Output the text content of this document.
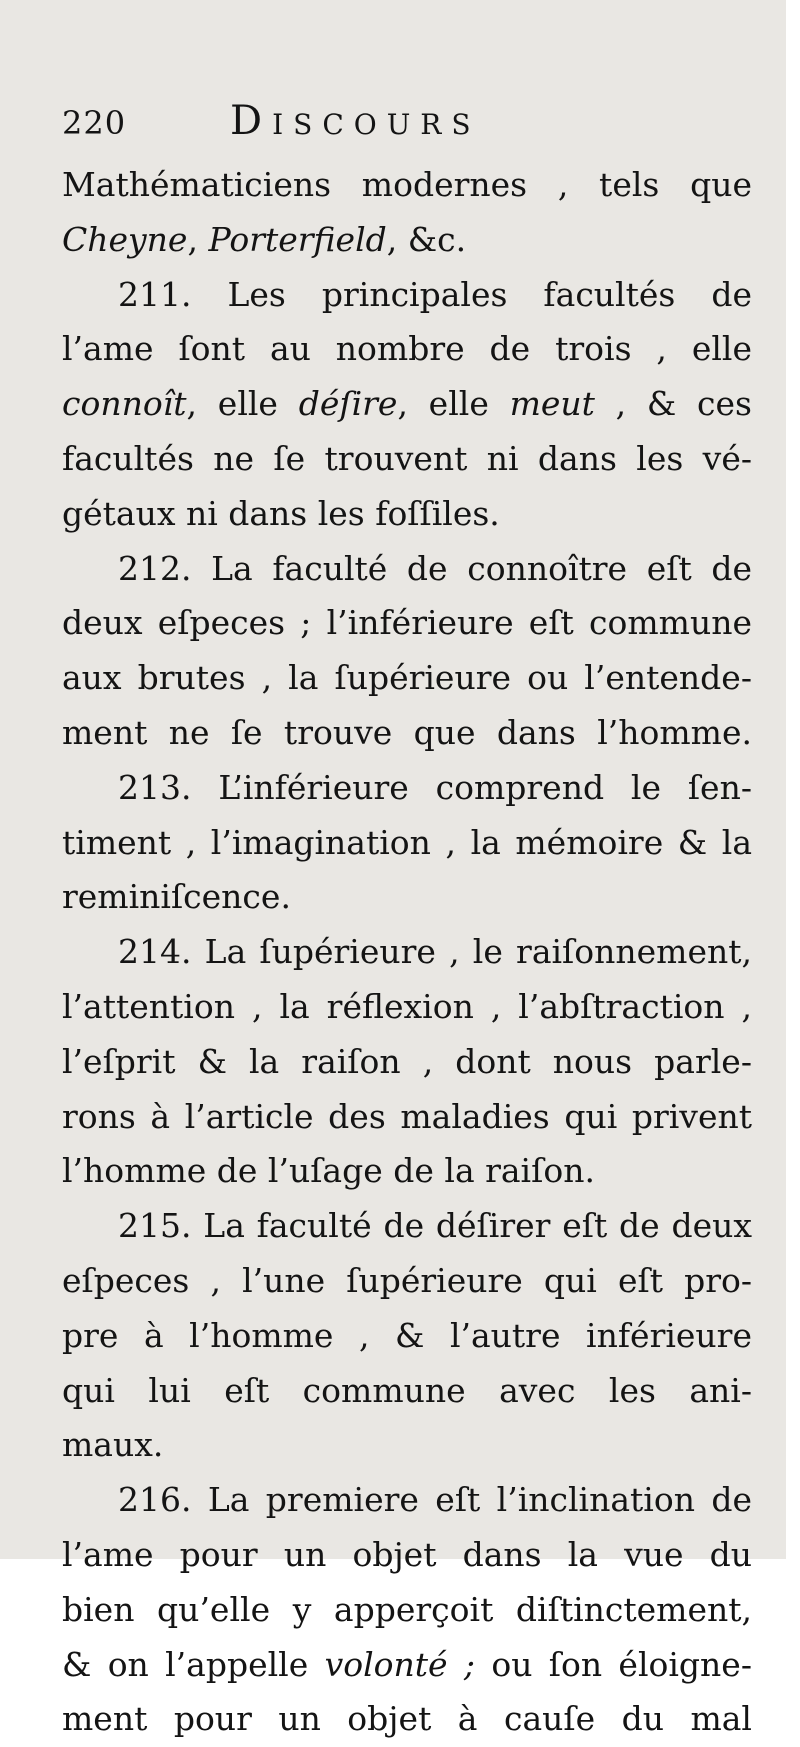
220	Discours
Mathématiciens modernes , tels que
Cheyne, Porterfield, &c.
211. Les principales facultés de
l’ame ſont au nombre de trois , elle
connoît, elle déſire, elle meut , & ces
facultés ne ſe trouvent ni dans les vé-
gétaux ni dans les foſſiles.
212. La faculté de connoître eſt de
deux eſpeces ; l’inférieure eſt commune
aux brutes , la ſupérieure ou l’entende-
ment ne ſe trouve que dans l’homme.
213. L’inférieure comprend le ſen-
timent , l’imagination , la mémoire & la
reminiſcence.
214. La ſupérieure , le raiſonnement,
l’attention , la réflexion , l’abſtraction ,
l’eſprit & la raiſon , dont nous parle-
rons à l’article des maladies qui privent
l’homme de l’uſage de la raiſon.
215. La faculté de déſirer eſt de deux
eſpeces , l’une ſupérieure qui eſt pro-
pre à l’homme , & l’autre inférieure
qui lui eſt commune avec les ani-
maux.
216. La premiere eſt l’inclination de
l’ame pour un objet dans la vue du
bien qu’elle y apperçoit diſtinctement,
& on l’appelle volonté ; ou ſon éloigne-
ment pour un objet à cauſe du mal
